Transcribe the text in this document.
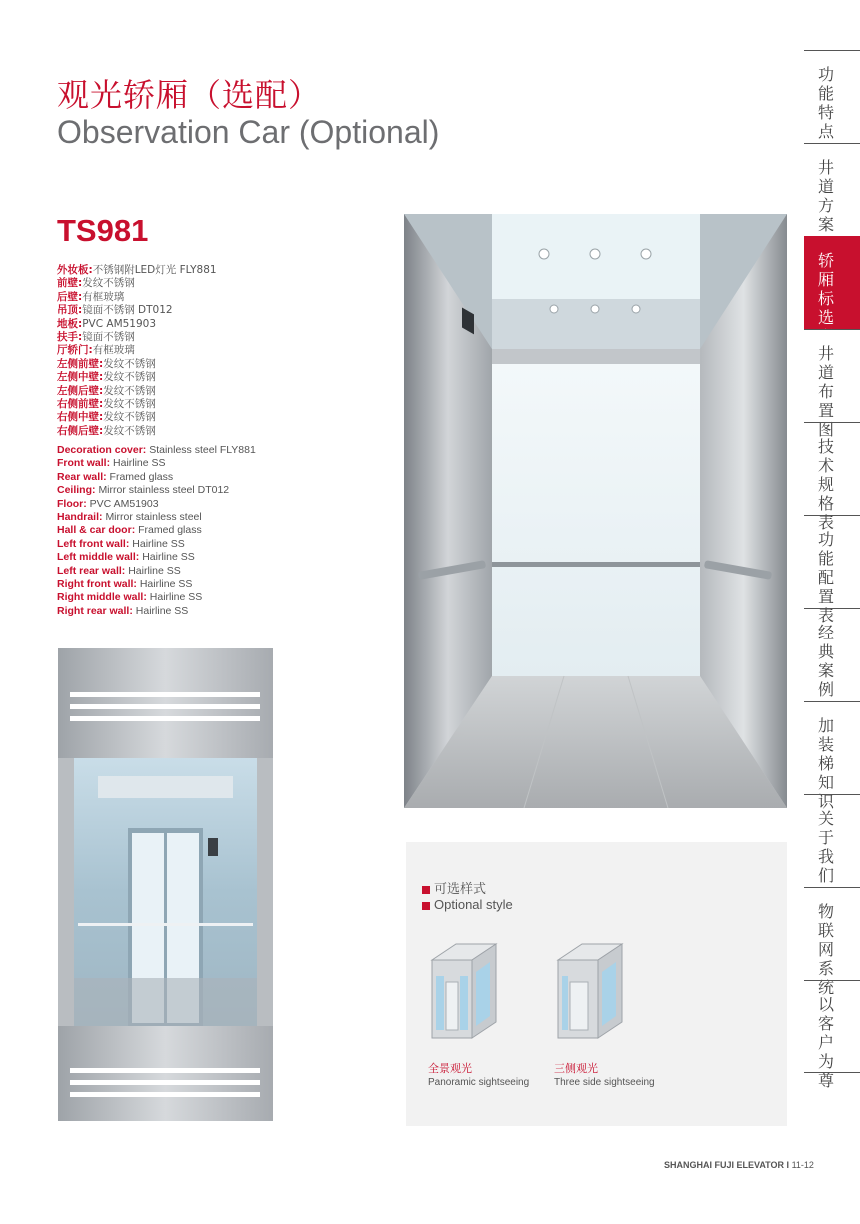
观光轿厢（选配）
Observation Car (Optional)
TS981
外妆板:不锈钢附LED灯光 FLY881
前壁:发纹不锈钢
后壁:有框玻璃
吊顶:镜面不锈钢 DT012
地板:PVC AM51903
扶手:镜面不锈钢
厅轿门:有框玻璃
左侧前壁:发纹不锈钢
左侧中壁:发纹不锈钢
左侧后壁:发纹不锈钢
右侧前壁:发纹不锈钢
右侧中壁:发纹不锈钢
右侧后壁:发纹不锈钢
Decoration cover: Stainless steel FLY881
Front wall: Hairline SS
Rear wall: Framed glass
Ceiling: Mirror stainless steel DT012
Floor: PVC AM51903
Handrail: Mirror stainless steel
Hall & car door: Framed glass
Left front wall: Hairline SS
Left middle wall: Hairline SS
Left rear wall: Hairline SS
Right front wall: Hairline SS
Right middle wall: Hairline SS
Right rear wall: Hairline SS
可选样式
Optional style
全景观光
Panoramic sightseeing
三侧观光
Three side sightseeing
功能特点
井道方案
轿厢标选配
井道布置图
技术规格表
功能配置表
经典案例
加装梯知识
关于我们
物联网系统
以客户为尊
SHANGHAI FUJI ELEVATOR I 11-12
